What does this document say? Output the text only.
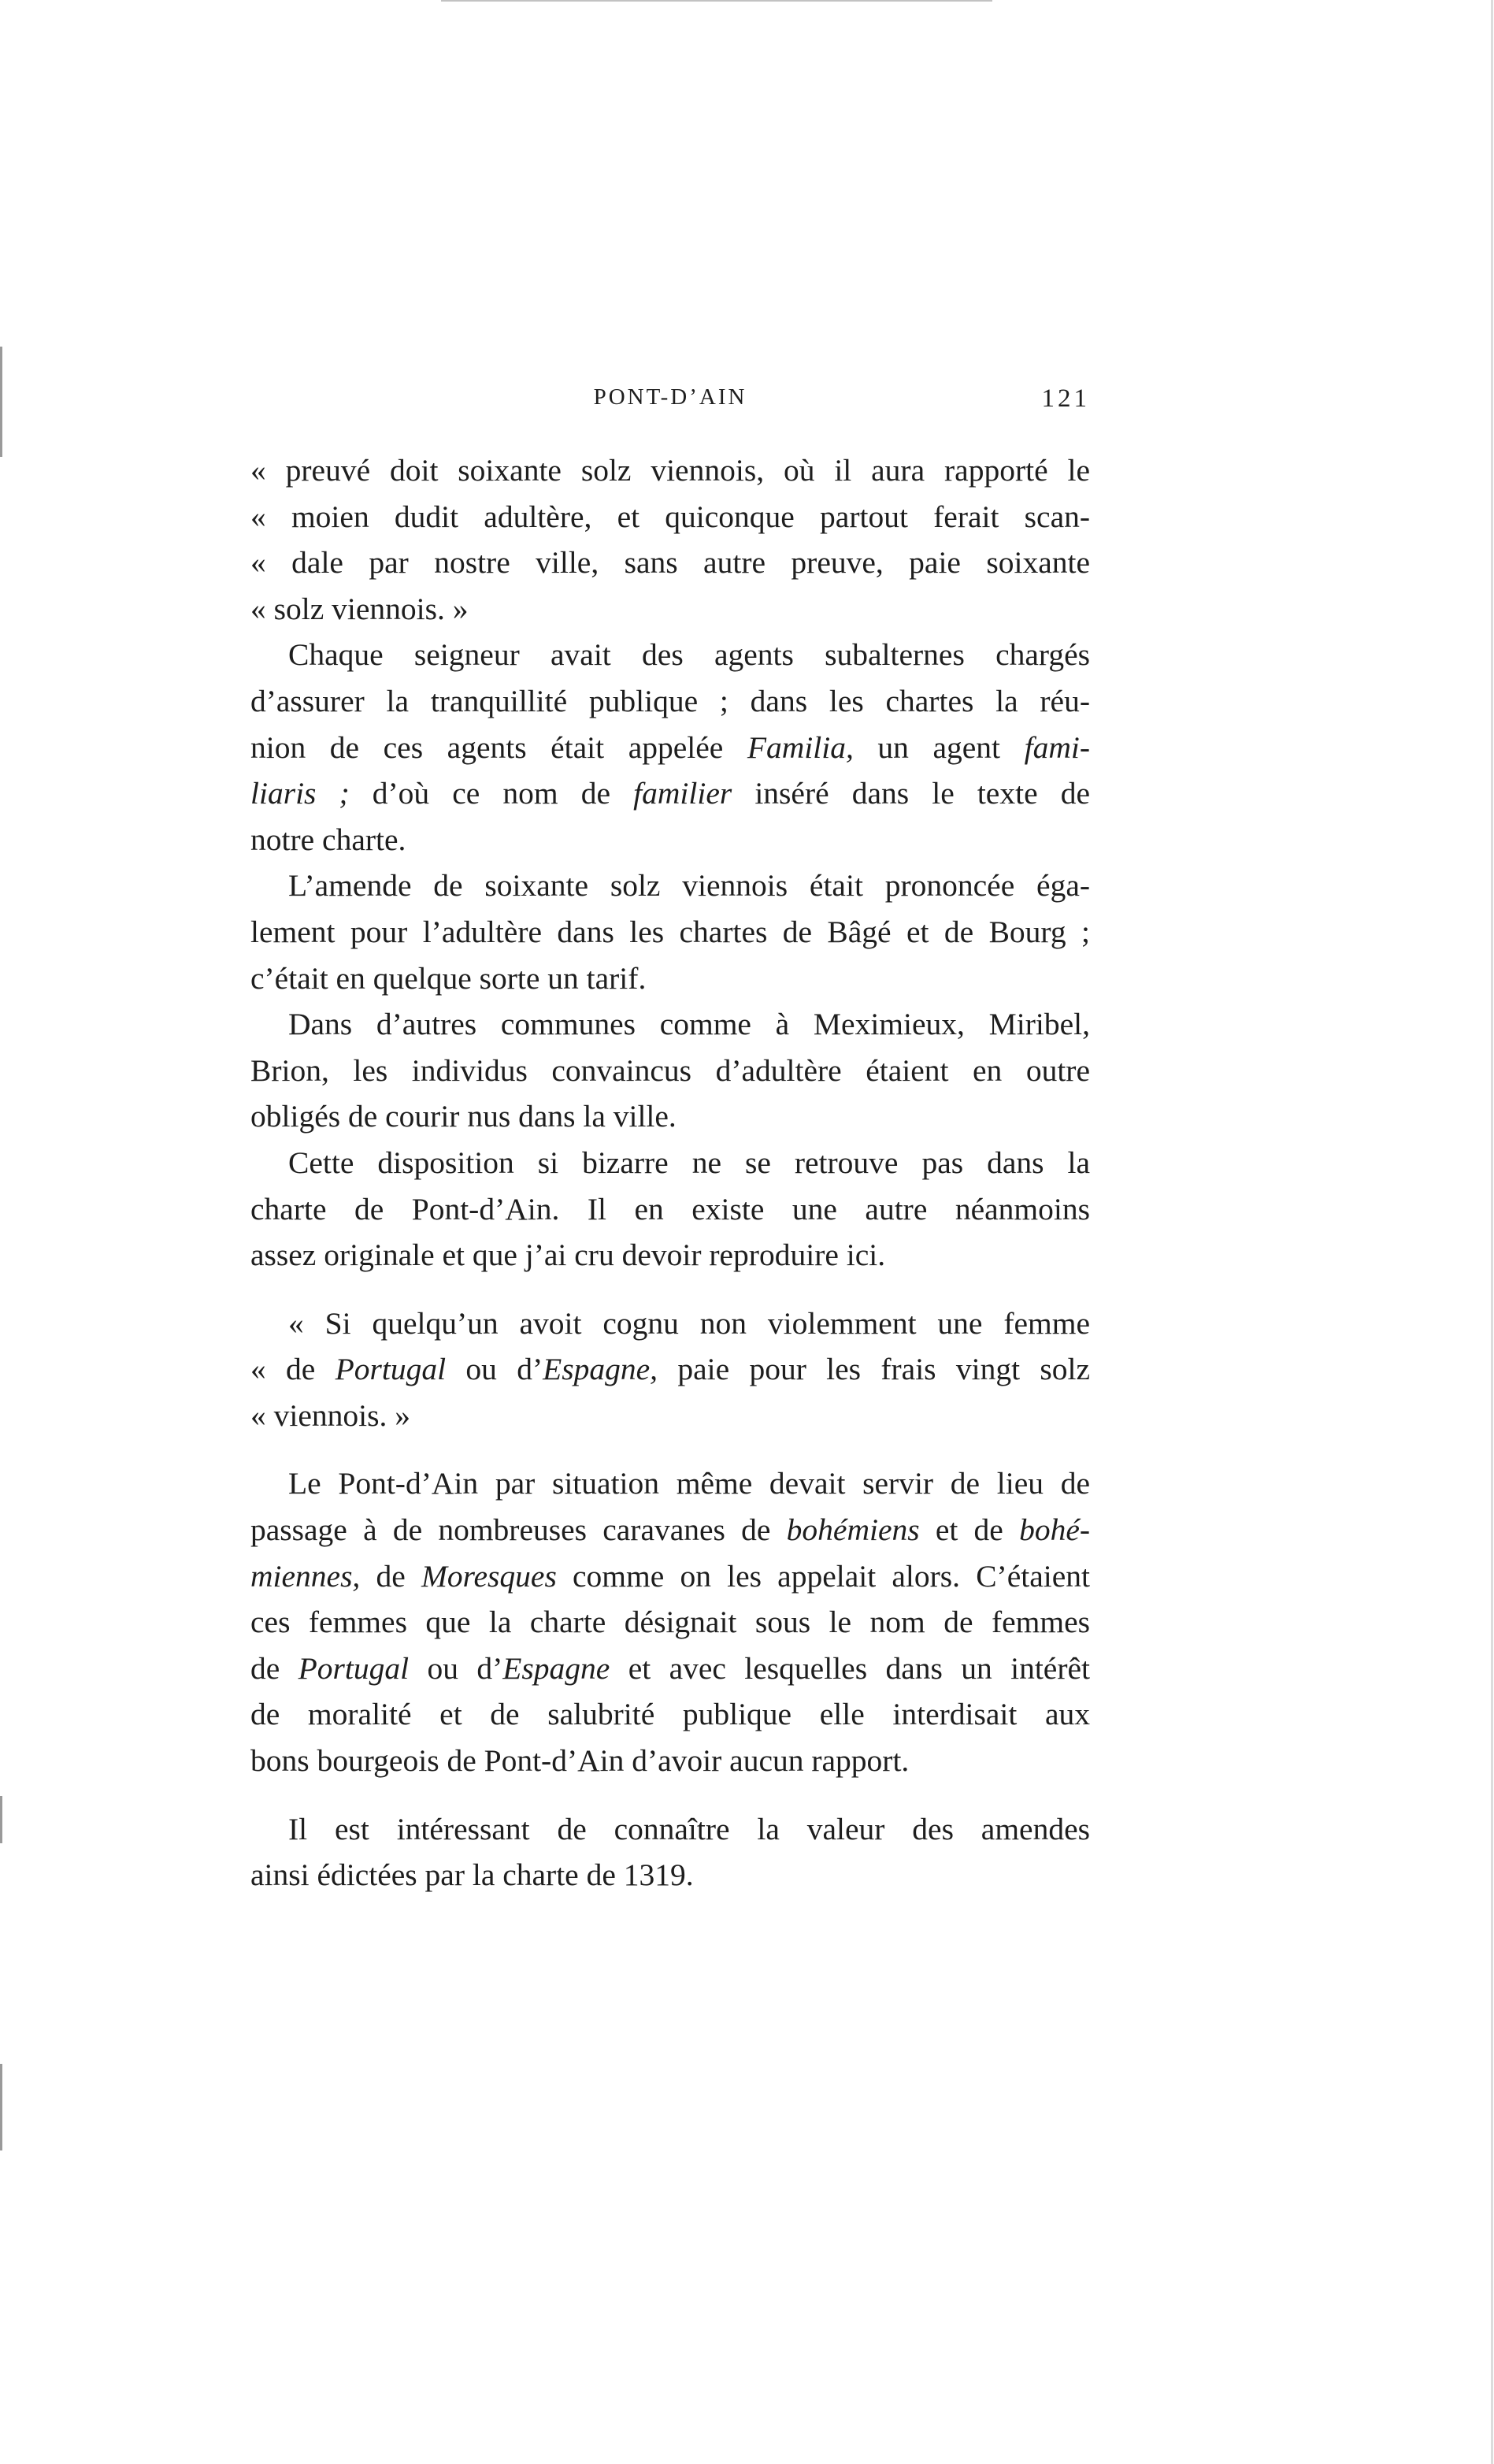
PONT-D’AIN	121
« preuvé doit soixante solz viennois, où il aura rapporté le
« moien dudit adultère, et quiconque partout ferait scan-
« dale par nostre ville, sans autre preuve, paie soixante
« solz viennois. »
Chaque seigneur avait des agents subalternes chargés
d’assurer la tranquillité publique ; dans les chartes la réu-
nion de ces agents était appelée Familia, un agent fami-
liaris ; d’où ce nom de familier inséré dans le texte de
notre charte.
L’amende de soixante solz viennois était prononcée éga-
lement pour l’adultère dans les chartes de Bâgé et de Bourg ;
c’était en quelque sorte un tarif.
Dans d’autres communes comme à Meximieux, Miribel,
Brion, les individus convaincus d’adultère étaient en outre
obligés de courir nus dans la ville.
Cette disposition si bizarre ne se retrouve pas dans la
charte de Pont-d’Ain. Il en existe une autre néanmoins
assez originale et que j’ai cru devoir reproduire ici.
« Si quelqu’un avoit cognu non violemment une femme
« de Portugal ou d’Espagne, paie pour les frais vingt solz
« viennois. »
Le Pont-d’Ain par situation même devait servir de lieu de
passage à de nombreuses caravanes de bohémiens et de bohé-
miennes, de Moresques comme on les appelait alors. C’étaient
ces femmes que la charte désignait sous le nom de femmes
de Portugal ou d’Espagne et avec lesquelles dans un intérêt
de moralité et de salubrité publique elle interdisait aux
bons bourgeois de Pont-d’Ain d’avoir aucun rapport.
Il est intéressant de connaître la valeur des amendes
ainsi édictées par la charte de 1319.
